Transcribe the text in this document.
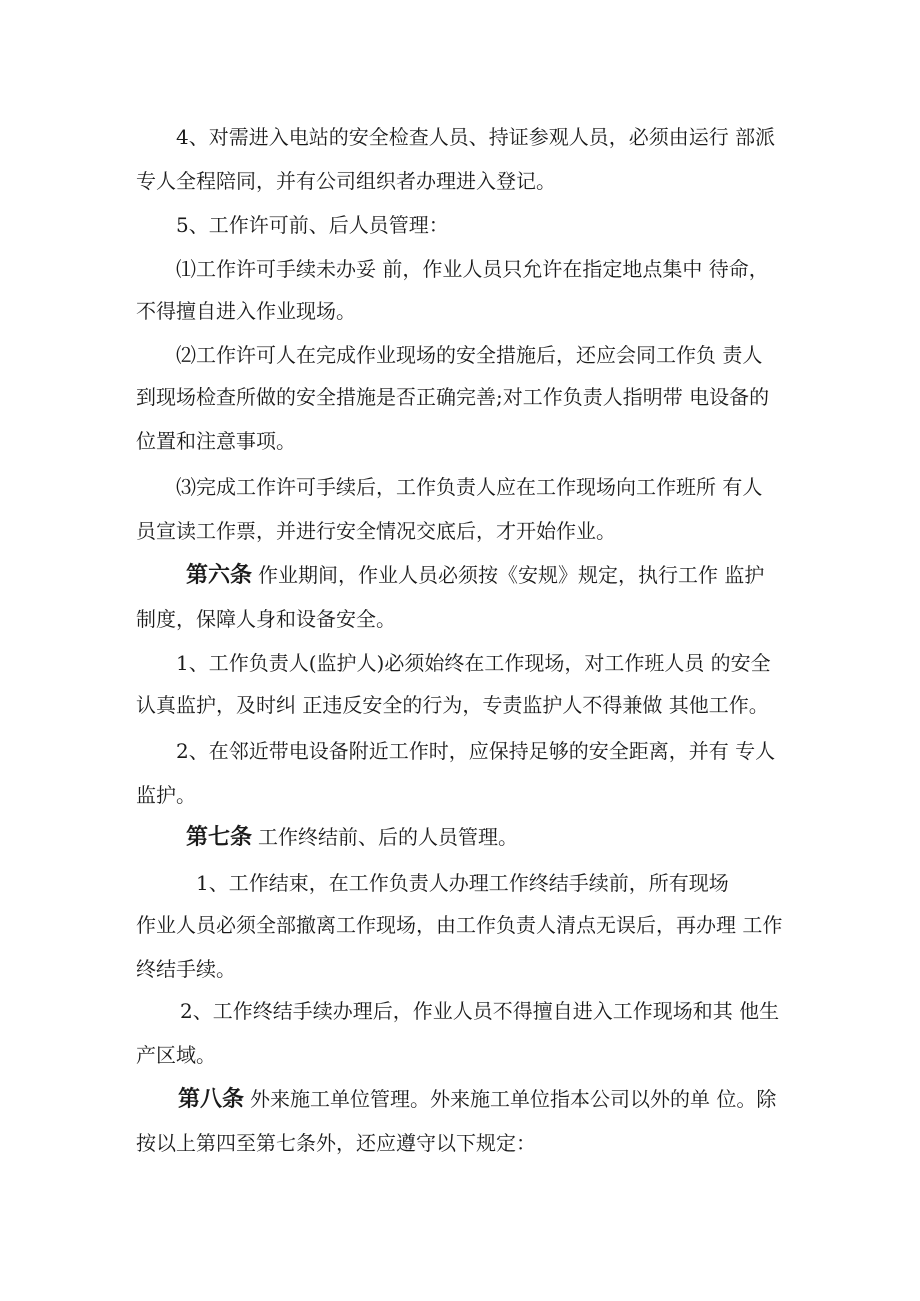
4、对需进入电站的安全检查人员、持证参观人员，必须由运行 部派
专人全程陪同，并有公司组织者办理进入登记。
5、工作许可前、后人员管理：
⑴工作许可手续未办妥 前，作业人员只允许在指定地点集中 待命，
不得擅自进入作业现场。
⑵工作许可人在完成作业现场的安全措施后，还应会同工作负 责人
到现场检查所做的安全措施是否正确完善;对工作负责人指明带 电设备的
位置和注意事项。
⑶完成工作许可手续后，工作负责人应在工作现场向工作班所 有人
员宣读工作票，并进行安全情况交底后，才开始作业。
第六条 作业期间，作业人员必须按《安规》规定，执行工作 监护
制度，保障人身和设备安全。
1、工作负责人(监护人)必须始终在工作现场，对工作班人员 的安全
认真监护，及时纠 正违反安全的行为，专责监护人不得兼做 其他工作。
2、在邻近带电设备附近工作时，应保持足够的安全距离，并有 专人
监护。
第七条 工作终结前、后的人员管理。
1、工作结束，在工作负责人办理工作终结手续前，所有现场
作业人员必须全部撤离工作现场，由工作负责人清点无误后，再办理 工作
终结手续。
2、工作终结手续办理后，作业人员不得擅自进入工作现场和其 他生
产区域。
第八条 外来施工单位管理。外来施工单位指本公司以外的单 位。除
按以上第四至第七条外，还应遵守以下规定：
